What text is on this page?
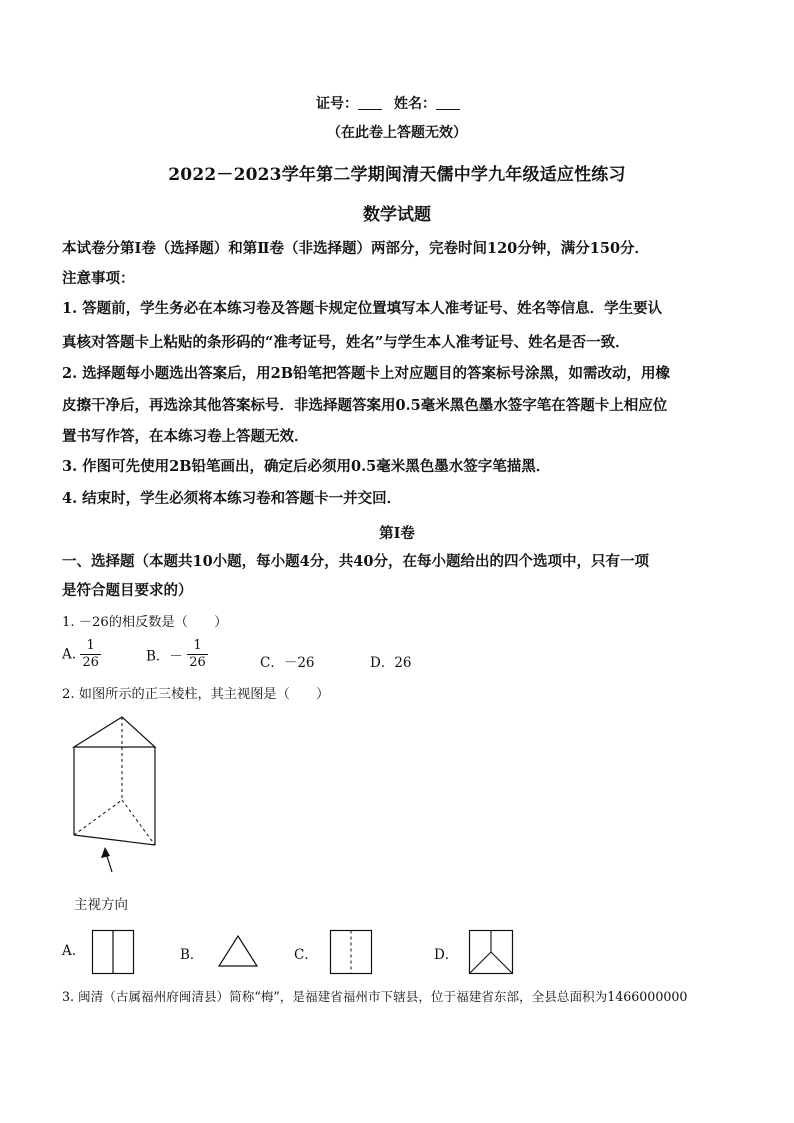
证号：	姓名：
（在此卷上答题无效）
2022－2023学年第二学期闽清天儒中学九年级适应性练习
数学试题
本试卷分第Ⅰ卷（选择题）和第Ⅱ卷（非选择题）两部分，完卷时间120分钟，满分150分．
注意事项：
1. 答题前，学生务必在本练习卷及答题卡规定位置填写本人准考证号、姓名等信息．学生要认
真核对答题卡上粘贴的条形码的“准考证号，姓名”与学生本人准考证号、姓名是否一致．
2. 选择题每小题选出答案后，用2B铅笔把答题卡上对应题目的答案标号涂黑，如需改动，用橡
皮擦干净后，再选涂其他答案标号．非选择题答案用0.5毫米黑色墨水签字笔在答题卡上相应位
置书写作答，在本练习卷上答题无效．
3. 作图可先使用2B铅笔画出，确定后必须用0.5毫米黑色墨水签字笔描黑．
4. 结束时，学生必须将本练习卷和答题卡一并交回．
第Ⅰ卷
一、选择题（本题共10小题，每小题4分，共40分，在每小题给出的四个选项中，只有一项
是符合题目要求的）
1. －26的相反数是（　　）
A. $\frac{1}{26}$	B．－ $\frac{1}{26}$	C．－26	D．26
2. 如图所示的正三棱柱，其主视图是（　　）
主视方向
A.	B．	C．	D．
3. 闽清（古属福州府闽清县）简称“梅”，是福建省福州市下辖县，位于福建省东部，全县总面积为1466000000
